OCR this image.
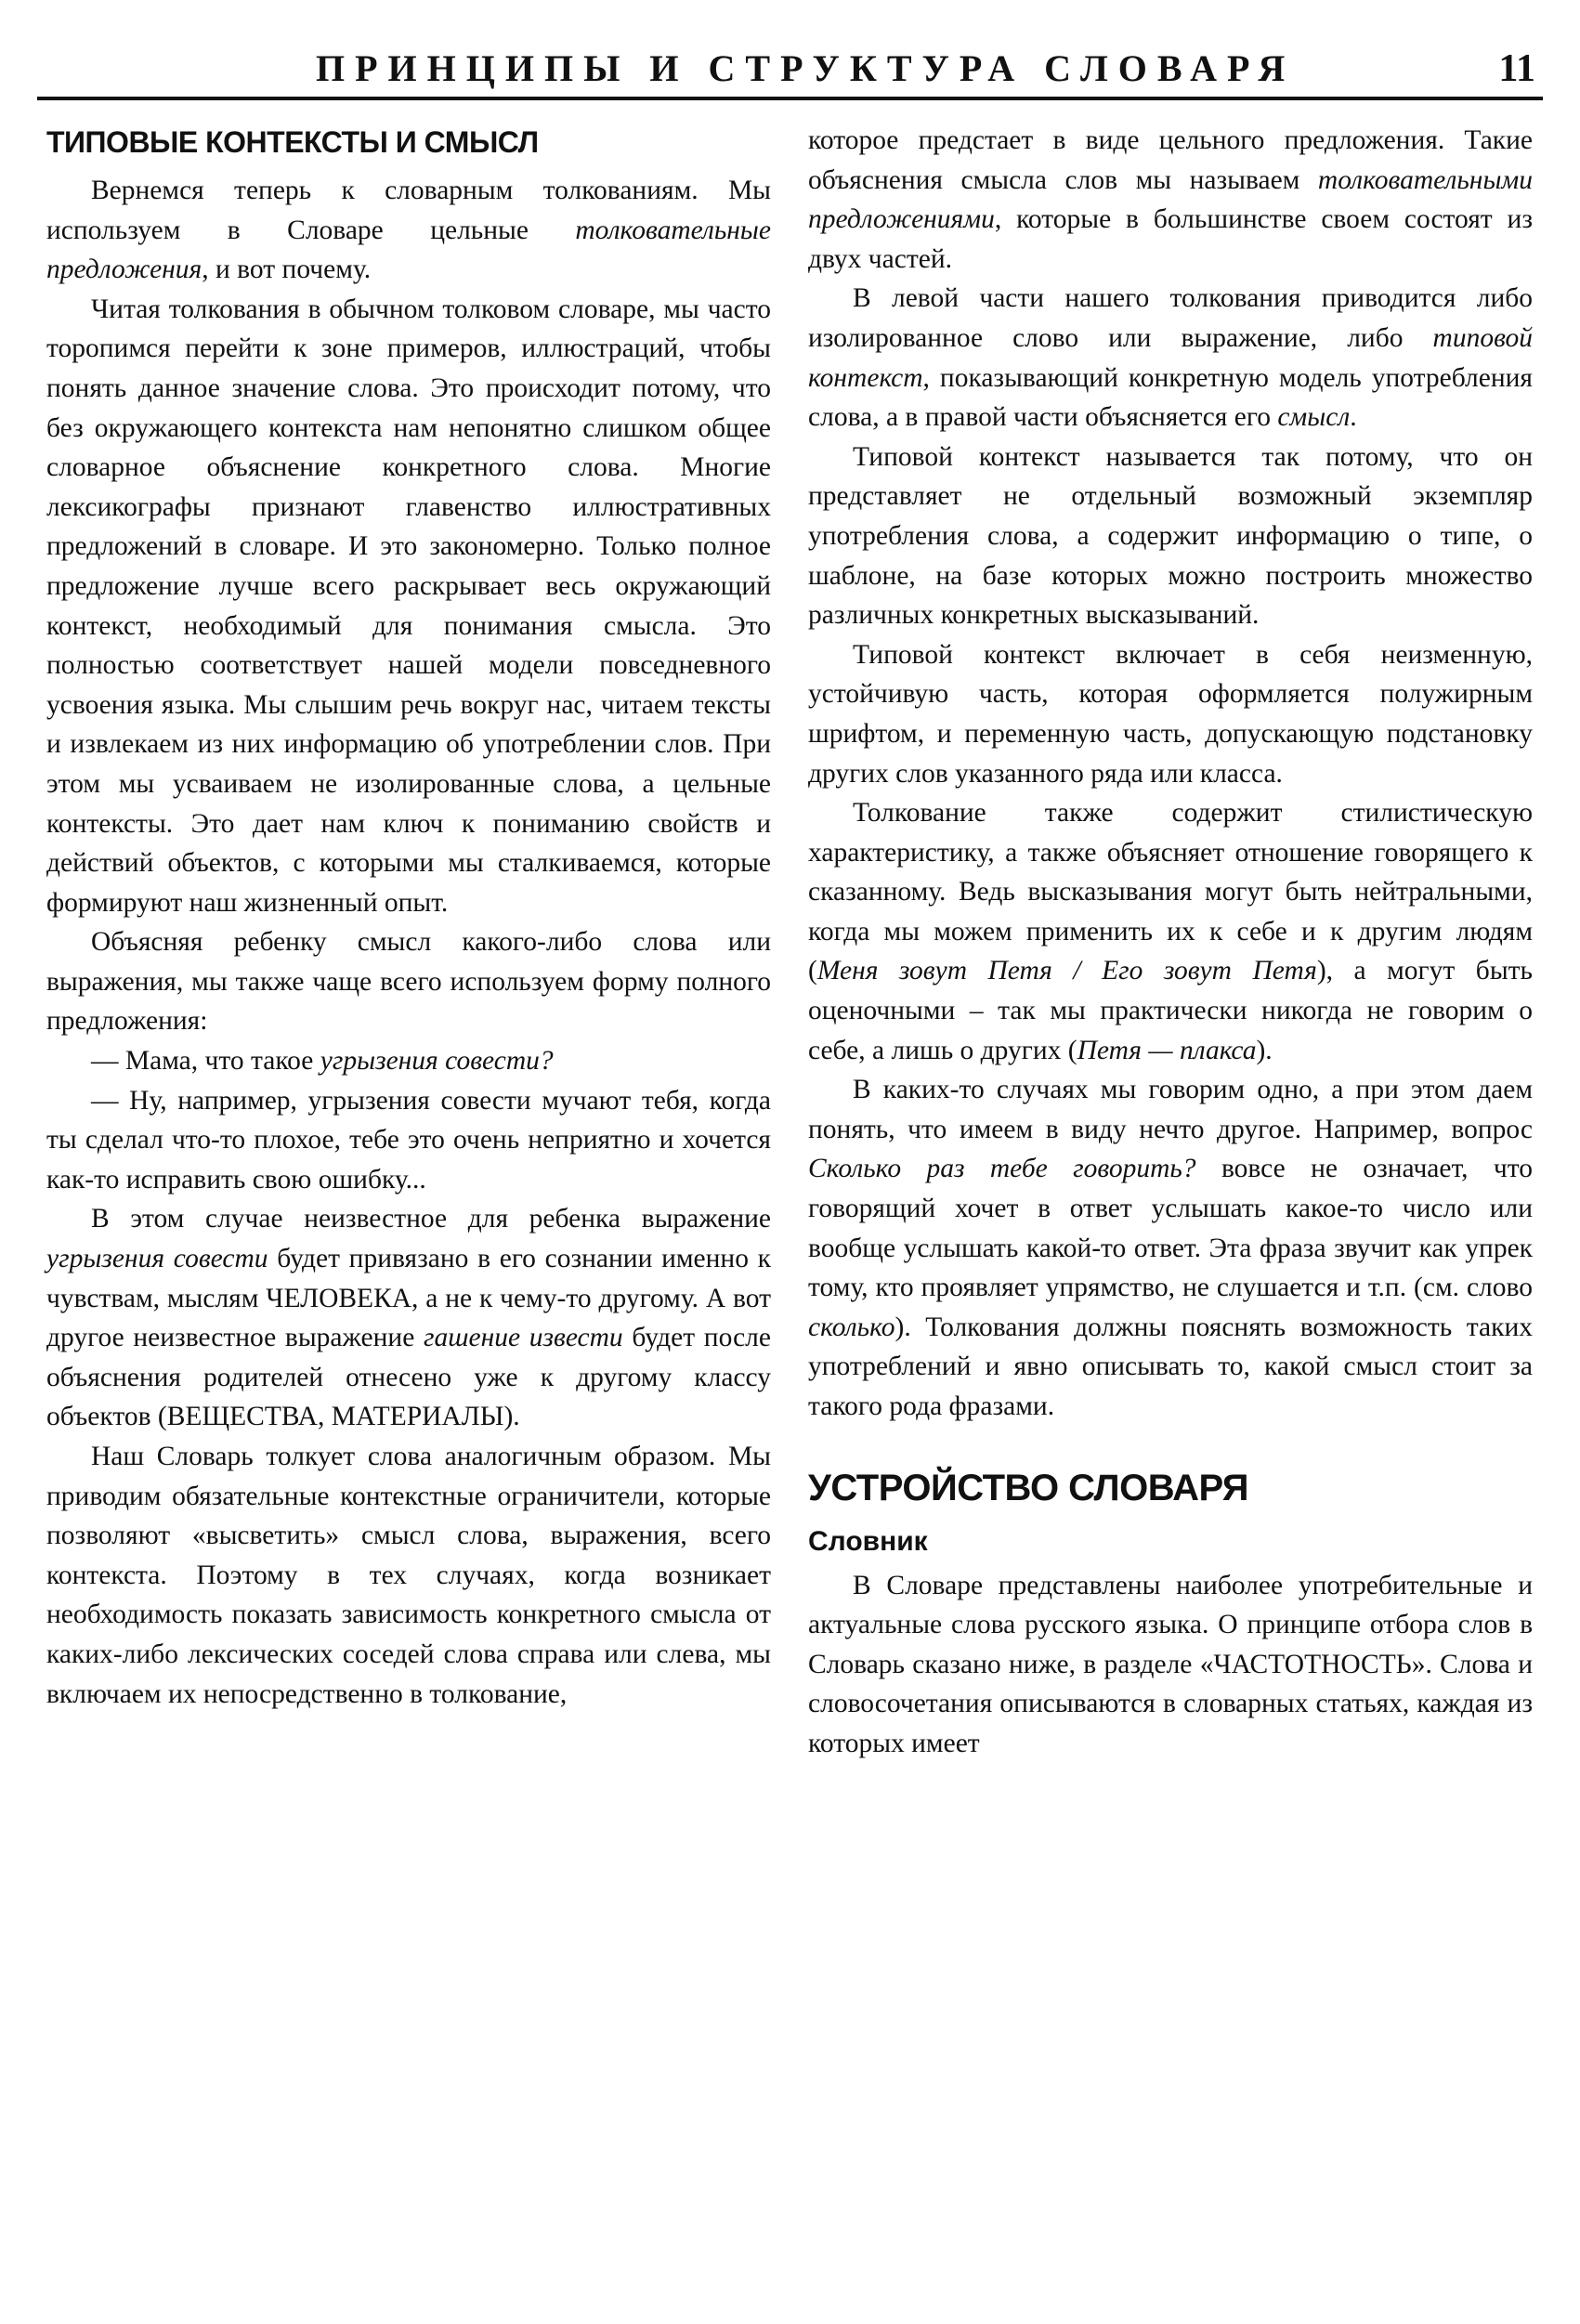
ПРИНЦИПЫ И СТРУКТУРА СЛОВАРЯ	11
ТИПОВЫЕ КОНТЕКСТЫ И СМЫСЛ

Вернемся теперь к словарным толкованиям. Мы используем в Словаре цельные толковательные предложения, и вот почему.

Читая толкования в обычном толковом словаре, мы часто торопимся перейти к зоне примеров, иллюстраций, чтобы понять данное значение слова. Это происходит потому, что без окружающего контекста нам непонятно слишком общее словарное объяснение конкретного слова. Многие лексикографы признают главенство иллюстративных предложений в словаре. И это закономерно. Только полное предложение лучше всего раскрывает весь окружающий контекст, необходимый для понимания смысла. Это полностью соответствует нашей модели повседневного усвоения языка. Мы слышим речь вокруг нас, читаем тексты и извлекаем из них информацию об употреблении слов. При этом мы усваиваем не изолированные слова, а цельные контексты. Это дает нам ключ к пониманию свойств и действий объектов, с которыми мы сталкиваемся, которые формируют наш жизненный опыт.

Объясняя ребенку смысл какого-либо слова или выражения, мы также чаще всего используем форму полного предложения:

— Мама, что такое угрызения совести?

— Ну, например, угрызения совести мучают тебя, когда ты сделал что-то плохое, тебе это очень неприятно и хочется как-то исправить свою ошибку...

В этом случае неизвестное для ребенка выражение угрызения совести будет привязано в его сознании именно к чувствам, мыслям ЧЕЛОВЕКА, а не к чему-то другому. А вот другое неизвестное выражение гашение извести будет после объяснения родителей отнесено уже к другому классу объектов (ВЕЩЕСТВА, МАТЕРИАЛЫ).

Наш Словарь толкует слова аналогичным образом. Мы приводим обязательные контекстные ограничители, которые позволяют «высветить» смысл слова, выражения, всего контекста. Поэтому в тех случаях, когда возникает необходимость показать зависимость конкретного смысла от каких-либо лексических соседей слова справа или слева, мы включаем их непосредственно в толкование,

которое предстает в виде цельного предложения. Такие объяснения смысла слов мы называем толковательными предложениями, которые в большинстве своем состоят из двух частей.

В левой части нашего толкования приводится либо изолированное слово или выражение, либо типовой контекст, показывающий конкретную модель употребления слова, а в правой части объясняется его смысл.

Типовой контекст называется так потому, что он представляет не отдельный возможный экземпляр употребления слова, а содержит информацию о типе, о шаблоне, на базе которых можно построить множество различных конкретных высказываний.

Типовой контекст включает в себя неизменную, устойчивую часть, которая оформляется полужирным шрифтом, и переменную часть, допускающую подстановку других слов указанного ряда или класса.

Толкование также содержит стилистическую характеристику, а также объясняет отношение говорящего к сказанному. Ведь высказывания могут быть нейтральными, когда мы можем применить их к себе и к другим людям (Меня зовут Петя / Его зовут Петя), а могут быть оценочными – так мы практически никогда не говорим о себе, а лишь о других (Петя — плакса).

В каких-то случаях мы говорим одно, а при этом даем понять, что имеем в виду нечто другое. Например, вопрос Сколько раз тебе говорить? вовсе не означает, что говорящий хочет в ответ услышать какое-то число или вообще услышать какой-то ответ. Эта фраза звучит как упрек тому, кто проявляет упрямство, не слушается и т.п. (см. слово сколько). Толкования должны пояснять возможность таких употреблений и явно описывать то, какой смысл стоит за такого рода фразами.

УСТРОЙСТВО СЛОВАРЯ
Словник

В Словаре представлены наиболее употребительные и актуальные слова русского языка. О принципе отбора слов в Словарь сказано ниже, в разделе «ЧАСТОТНОСТЬ». Слова и словосочетания описываются в словарных статьях, каждая из которых имеет
